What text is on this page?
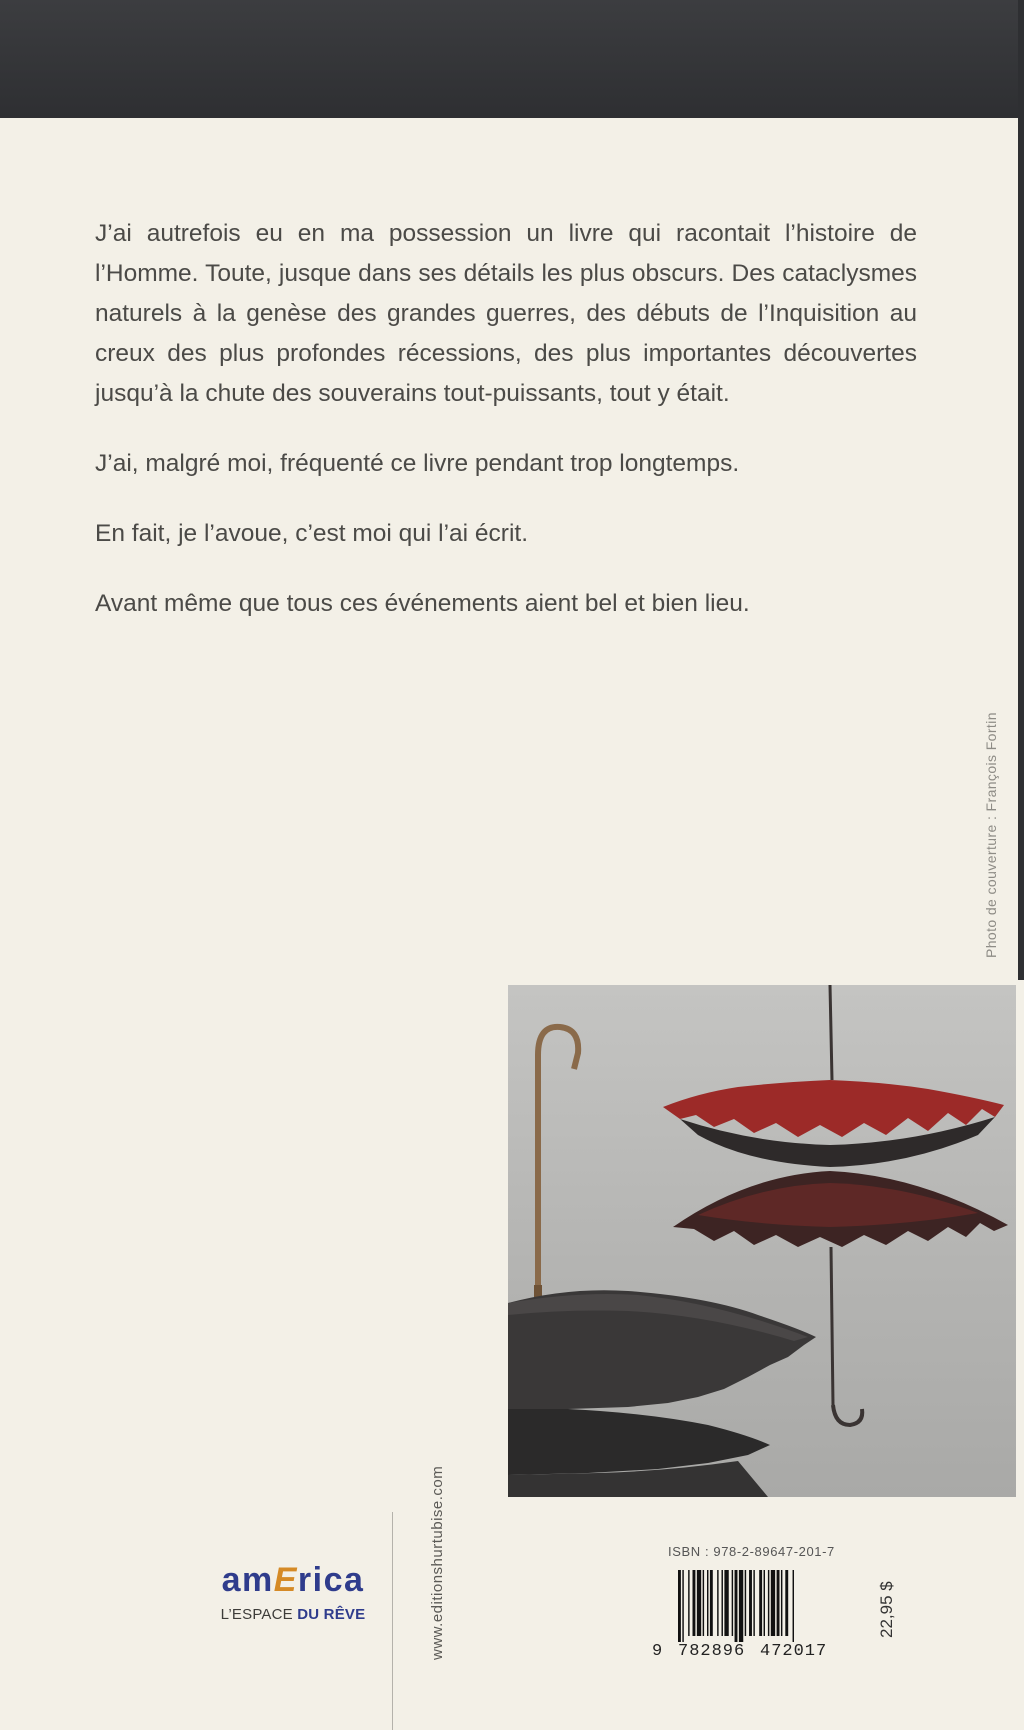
J’ai autrefois eu en ma possession un livre qui racontait l’histoire de l’Homme. Toute, jusque dans ses détails les plus obscurs. Des cataclysmes naturels à la genèse des grandes guerres, des débuts de l’Inquisition au creux des plus profondes récessions, des plus importantes découvertes jusqu’à la chute des souverains tout-puissants, tout y était.

J’ai, malgré moi, fréquenté ce livre pendant trop longtemps.

En fait, je l’avoue, c’est moi qui l’ai écrit.

Avant même que tous ces événements aient bel et bien lieu.

Photo de couverture : François Fortin
www.editionshurtubise.com
amErica
L’ESPACE DU RÊVE
ISBN : 978-2-89647-201-7
9 782896 472017
22,95 $
